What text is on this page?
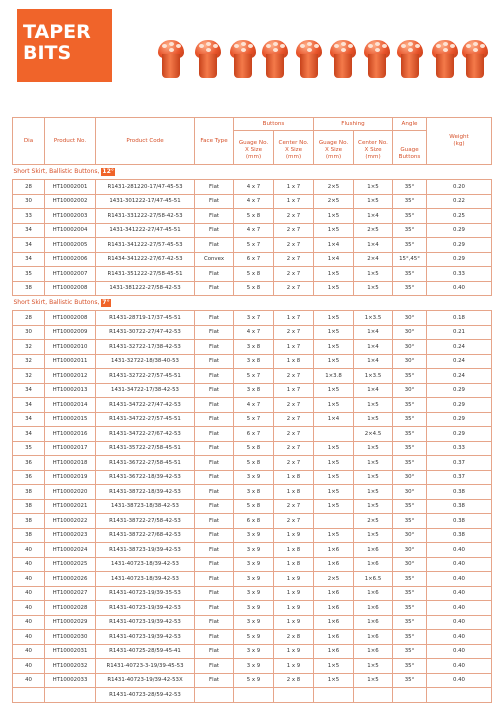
TAPER
BITS
Dia	Product No.	Product Code	Face Type	Buttons		Flushing		Angle	Weight (kg)
				Guage No. X Size (mm)	Center No. X Size (mm)	Guage No. X Size (mm)	Center No. X Size (mm)	Guage Buttons	
Short Skirt, Ballistic Buttons, 12°									
28	HT10002001	R1431-281220-17/47-45-53	Flat	4 x 7	1 x 7	2×5	1×5	35°	0.20
30	HT10002002	1431-301222-17/47-45-51	Flat	4 x 7	1 x 7	2×5	1×5	35°	0.22
33	HT10002003	R1431-331222-27/58-42-53	Flat	5 x 8	2 x 7	1×5	1×4	35°	0.25
34	HT10002004	1431-341222-27/47-45-51	Flat	4 x 7	2 x 7	1×5	2×5	35°	0.29
34	HT10002005	R1431-341222-27/57-45-53	Flat	5 x 7	2 x 7	1×4	1×4	35°	0.29
34	HT10002006	R1434-341222-27/67-42-53	Convex	6 x 7	2 x 7	1×4	2×4	15°,45°	0.29
35	HT10002007	R1431-351222-27/58-45-51	Flat	5 x 8	2 x 7	1×5	1×5	35°	0.33
38	HT10002008	1431-381222-27/58-42-53	Flat	5 x 8	2 x 7	1×5	1×5	35°	0.40
Short Skirt, Ballistic Buttons, 7°									
28	HT10002008	R1431-28719-17/37-45-51	Flat	3 x 7	1 x 7	1×5	1×3.5	30°	0.18
30	HT10002009	R1431-30722-27/47-42-53	Flat	4 x 7	2 x 7	1×5	1×4	30°	0.21
32	HT10002010	R1431-32722-17/38-42-53	Flat	3 x 8	1 x 7	1×5	1×4	30°	0.24
32	HT10002011	1431-32722-18/38-40-53	Flat	3 x 8	1 x 8	1×5	1×4	30°	0.24
32	HT10002012	R1431-32722-27/57-45-51	Flat	5 x 7	2 x 7	1×3.8	1×3.5	35°	0.24
34	HT10002013	1431-34722-17/38-42-53	Flat	3 x 8	1 x 7	1×5	1×4	30°	0.29
34	HT10002014	R1431-34722-27/47-42-53	Flat	4 x 7	2 x 7	1×5	1×5	35°	0.29
34	HT10002015	R1431-34722-27/57-45-51	Flat	5 x 7	2 x 7	1×4	1×5	35°	0.29
34	HT10002016	R1431-34722-27/67-42-53	Flat	6 x 7	2 x 7		2×4.5	35°	0.29
35	HT10002017	R1431-35722-27/58-45-51	Flat	5 x 8	2 x 7	1×5	1×5	35°	0.33
36	HT10002018	R1431-36722-27/58-45-51	Flat	5 x 8	2 x 7	1×5	1×5	35°	0.37
36	HT10002019	R1431-36722-18/39-42-53	Flat	3 x 9	1 x 8	1×5	1×5	30°	0.37
38	HT10002020	R1431-38722-18/39-42-53	Flat	3 x 8	1 x 8	1×5	1×5	30°	0.38
38	HT10002021	1431-38723-18/38-42-53	Flat	5 x 8	2 x 7	1×5	1×5	35°	0.38
38	HT10002022	R1431-38722-27/58-42-53	Flat	6 x 8	2 x 7		2×5	35°	0.38
38	HT10002023	R1431-38722-27/68-42-53	Flat	3 x 9	1 x 9	1×5	1×5	30°	0.38
40	HT10002024	R1431-38723-19/39-42-53	Flat	3 x 9	1 x 8	1×6	1×6	30°	0.40
40	HT10002025	1431-40723-18/39-42-53	Flat	3 x 9	1 x 8	1×6	1×6	30°	0.40
40	HT10002026	1431-40723-18/39-42-53	Flat	3 x 9	1 x 9	2×5	1×6.5	35°	0.40
40	HT10002027	R1431-40723-19/39-35-53	Flat	3 x 9	1 x 9	1×6	1×6	35°	0.40
40	HT10002028	R1431-40723-19/39-42-53	Flat	3 x 9	1 x 9	1×6	1×6	35°	0.40
40	HT10002029	R1431-40723-19/39-42-53	Flat	3 x 9	1 x 9	1×6	1×6	35°	0.40
40	HT10002030	R1431-40723-19/39-42-53	Flat	5 x 9	2 x 8	1×6	1×6	35°	0.40
40	HT10002031	R1431-40725-28/59-45-41	Flat	3 x 9	1 x 9	1×6	1×6	35°	0.40
40	HT10002032	R1431-40723-3-19/39-45-53	Flat	3 x 9	1 x 9	1×5	1×5	35°	0.40
40	HT10002033	R1431-40723-19/39-42-53X	Flat	5 x 9	2 x 8	1×5	1×5	35°	0.40
		R1431-40723-28/59-42-53							
